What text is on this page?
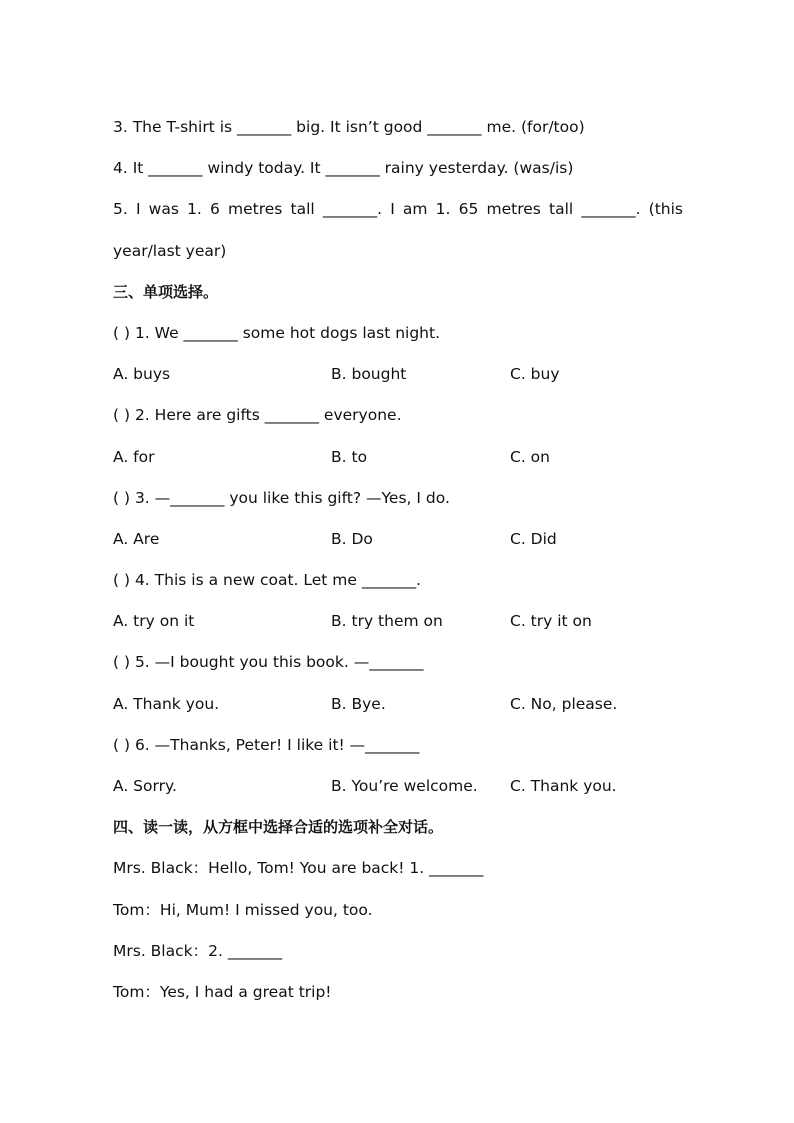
3. The T-shirt is _______ big. It isn’t good _______ me. (for/too)
4. It _______ windy today. It _______ rainy yesterday. (was/is)
5. I was 1. 6 metres tall _______. I am 1. 65 metres tall _______. (this
year/last year)
三、单项选择。
( ) 1. We _______ some hot dogs last night.
A. buys	B. bought	C. buy
( ) 2. Here are gifts _______ everyone.
A. for	B. to	C. on
( ) 3. —_______ you like this gift? —Yes, I do.
A. Are	B. Do	C. Did
( ) 4. This is a new coat. Let me _______.
A. try on it	B. try them on	C. try it on
( ) 5. —I bought you this book. —_______
A. Thank you.	B. Bye.	C. No, please.
( ) 6. —Thanks, Peter! I like it! —_______
A. Sorry.	B. You’re welcome.	C. Thank you.
四、读一读，从方框中选择合适的选项补全对话。
Mrs. Black：Hello, Tom! You are back! 1. _______
Tom：Hi, Mum! I missed you, too.
Mrs. Black：2. _______
Tom：Yes, I had a great trip!
